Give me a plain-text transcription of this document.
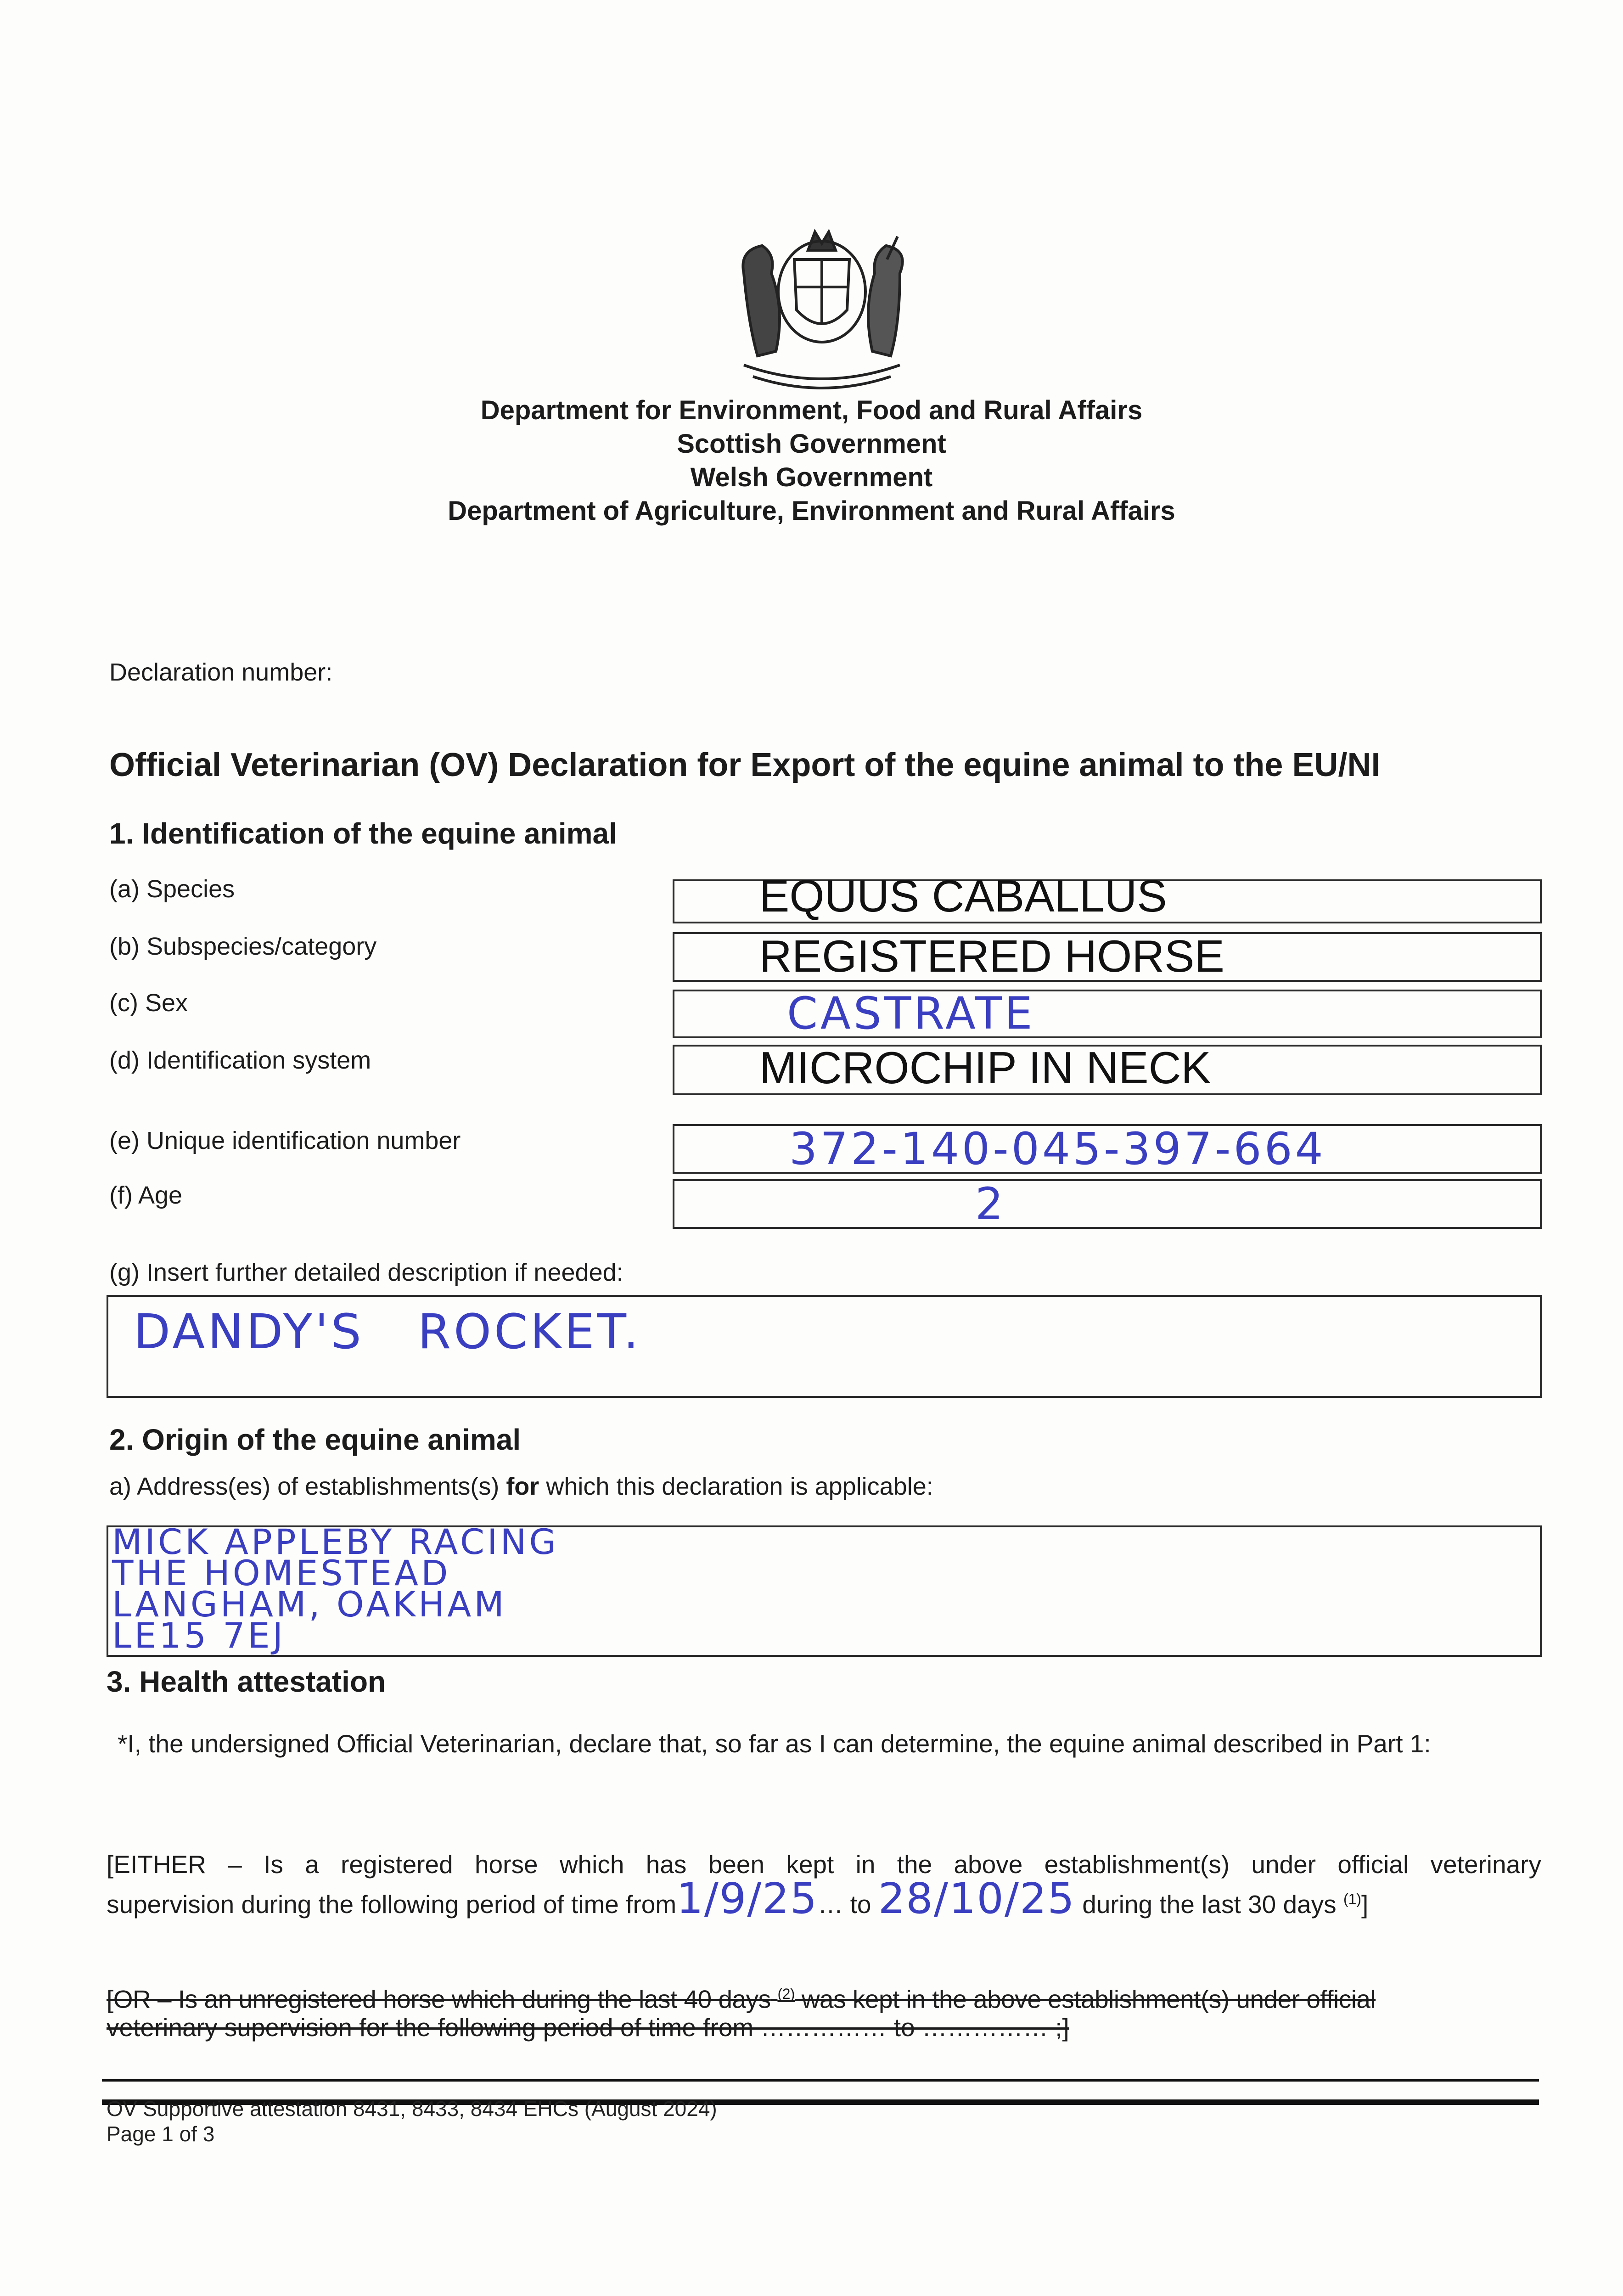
Department for Environment, Food and Rural Affairs
Scottish Government
Welsh Government
Department of Agriculture, Environment and Rural Affairs
Declaration number:
Official Veterinarian (OV) Declaration for Export of the equine animal to the EU/NI
1. Identification of the equine animal
(a) Species	EQUUS CABALLUS
(b) Subspecies/category	REGISTERED HORSE
(c) Sex	CASTRATE
(d) Identification system	MICROCHIP IN NECK
(e) Unique identification number	372-140-045-397-664
(f) Age	2
(g) Insert further detailed description if needed:
DANDY'S   ROCKET.
2. Origin of the equine animal
a) Address(es) of establishments(s) for which this declaration is applicable:
MICK APPLEBY RACING
THE HOMESTEAD
LANGHAM, OAKHAM
LE15 7EJ
3. Health attestation
*I, the undersigned Official Veterinarian, declare that, so far as I can determine, the equine animal described in Part 1:
[EITHER – Is a registered horse which has been kept in the above establishment(s) under official veterinary
supervision during the following period of time from1/9/25… to 28/10/25 during the last 30 days $^{(1)}$]
[OR – Is an unregistered horse which during the last 40 days $^{(2)}$ was kept in the above establishment(s) under official
veterinary supervision for the following period of time from …………… to …………… ;]
OV Supportive attestation 8431, 8433, 8434 EHCs (August 2024)
Page 1 of 3
